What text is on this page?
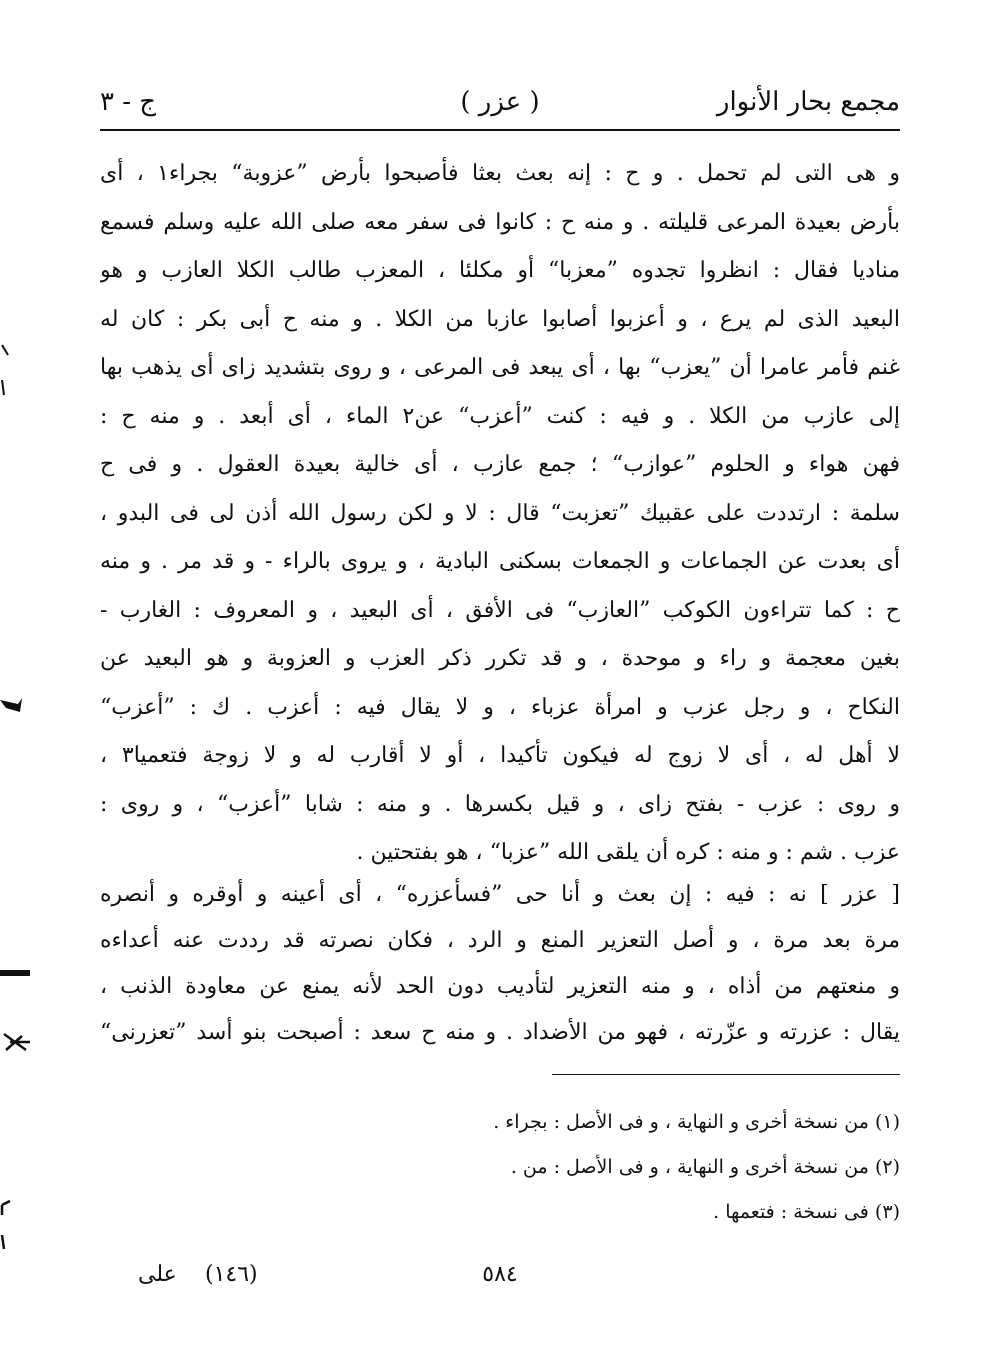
مجمع بحار الأنوار
( عزر )
ج - ٣
و هى التى لم تحمل . و ح : إنه بعث بعثا فأصبحوا بأرض ”عزوبة“ بجراء١ ، أى
بأرض بعيدة المرعى قليلته . و منه ح : كانوا فى سفر معه صلى الله عليه وسلم فسمع
مناديا فقال : انظروا تجدوه ”معزبا“ أو مكلئا ، المعزب طالب الكلا العازب و هو
البعيد الذى لم يرع ، و أعزبوا أصابوا عازبا من الكلا . و منه ح أبى بكر : كان له
غنم فأمر عامرا أن ”يعزب“ بها ، أى يبعد فى المرعى ، و روى بتشديد زاى أى يذهب بها
إلى عازب من الكلا . و فيه : كنت ”أعزب“ عن٢ الماء ، أى أبعد . و منه ح :
فهن هواء و الحلوم ”عوازب“ ؛ جمع عازب ، أى خالية بعيدة العقول . و فى ح
سلمة : ارتددت على عقبيك ”تعزبت“ قال : لا و لكن رسول الله أذن لى فى البدو ،
أى بعدت عن الجماعات و الجمعات بسكنى البادية ، و يروى بالراء - و قد مر . و منه
ح : كما تتراءون الكوكب ”العازب“ فى الأفق ، أى البعيد ، و المعروف : الغارب -
بغين معجمة و راء و موحدة ، و قد تكرر ذكر العزب و العزوبة و هو البعيد عن
النكاح ، و رجل عزب و امرأة عزباء ، و لا يقال فيه : أعزب . ك : ”أعزب“
لا أهل له ، أى لا زوج له فيكون تأكيدا ، أو لا أقارب له و لا زوجة فتعميا٣ ،
و روى : عزب - بفتح زاى ، و قيل بكسرها . و منه : شابا ”أعزب“ ، و روى :
عزب . شم : و منه : كره أن يلقى الله ”عزبا“ ، هو بفتحتين .
[ عزر ] نه : فيه : إن بعث و أنا حى ”فسأعزره“ ، أى أعينه و أوقره و أنصره
مرة بعد مرة ، و أصل التعزير المنع و الرد ، فكان نصرته قد رددت عنه أعداءه
و منعتهم من أذاه ، و منه التعزير لتأديب دون الحد لأنه يمنع عن معاودة الذنب ،
يقال : عزرته و عزّرته ، فهو من الأضداد . و منه ح سعد : أصبحت بنو أسد ”تعزرنى“
(١) من نسخة أخرى و النهاية ، و فى الأصل : بجراء .
(٢) من نسخة أخرى و النهاية ، و فى الأصل : من .
(٣) فى نسخة : فتعمها .
٥٨٤
(١٤٦)
على
